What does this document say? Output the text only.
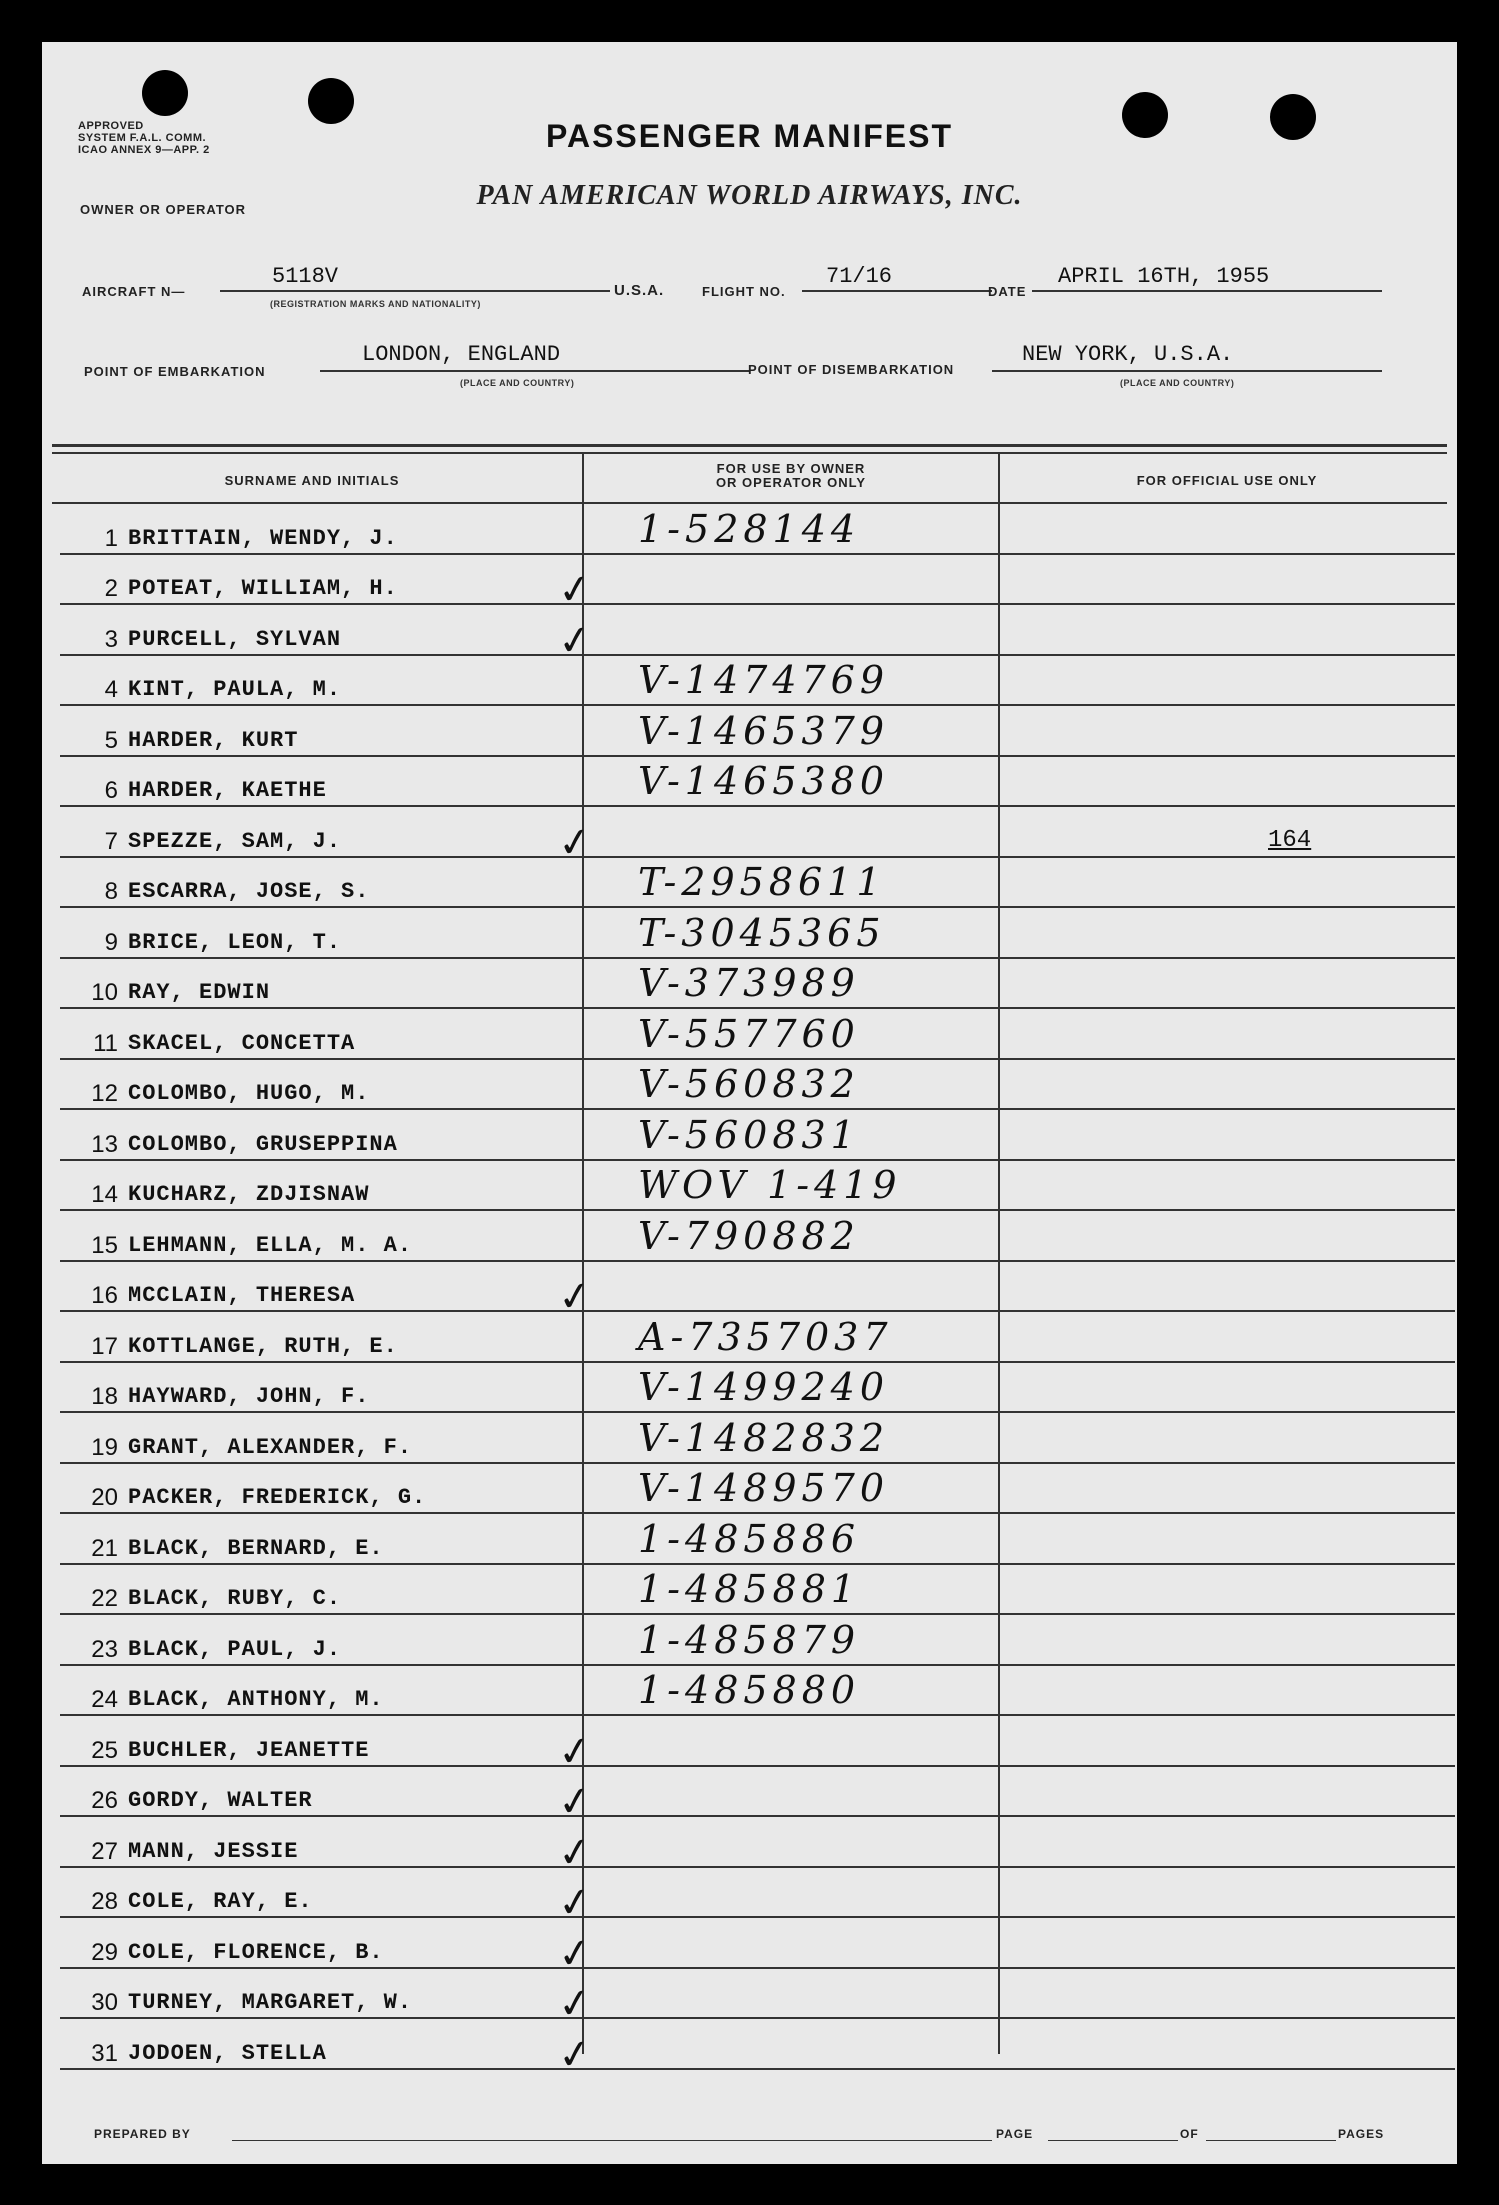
APPROVED
SYSTEM F.A.L. COMM.
ICAO ANNEX 9—APP. 2	PASSENGER MANIFEST
OWNER OR OPERATOR	PAN AMERICAN WORLD AIRWAYS, INC.
AIRCRAFT N—
5118V
(REGISTRATION MARKS AND NATIONALITY)
U.S.A.	FLIGHT NO.
71/16
DATE
APRIL 16TH, 1955
POINT OF EMBARKATION
LONDON, ENGLAND
(PLACE AND COUNTRY)
POINT OF DISEMBARKATION
NEW YORK, U.S.A.
(PLACE AND COUNTRY)
SURNAME AND INITIALS
FOR USE BY OWNER
OR OPERATOR ONLY	FOR OFFICIAL USE ONLY
1 BRITTAIN, WENDY, J.	1-528144
2 POTEAT, WILLIAM, H.	✓
3 PURCELL, SYLVAN	✓
4 KINT, PAULA, M.	V-1474769
5 HARDER, KURT	V-1465379
6 HARDER, KAETHE	V-1465380
7 SPEZZE, SAM, J.	✓	164
8 ESCARRA, JOSE, S.	T-2958611
9 BRICE, LEON, T.	T-3045365
10 RAY, EDWIN	V-373989
11 SKACEL, CONCETTA	V-557760
12 COLOMBO, HUGO, M.	V-560832
13 COLOMBO, GRUSEPPINA	V-560831
14 KUCHARZ, ZDJISNAW	WOV 1-419
15 LEHMANN, ELLA, M. A.	V-790882
16 MCCLAIN, THERESA	✓
17 KOTTLANGE, RUTH, E.	A-7357037
18 HAYWARD, JOHN, F.	V-1499240
19 GRANT, ALEXANDER, F.	V-1482832
20 PACKER, FREDERICK, G.	V-1489570
21 BLACK, BERNARD, E.	1-485886
22 BLACK, RUBY, C.	1-485881
23 BLACK, PAUL, J.	1-485879
24 BLACK, ANTHONY, M.	1-485880
25 BUCHLER, JEANETTE	✓
26 GORDY, WALTER	✓
27 MANN, JESSIE	✓
28 COLE, RAY, E.	✓
29 COLE, FLORENCE, B.	✓
30 TURNEY, MARGARET, W.	✓
31 JODOEN, STELLA	✓
PREPARED BY	PAGE	OF	PAGES
